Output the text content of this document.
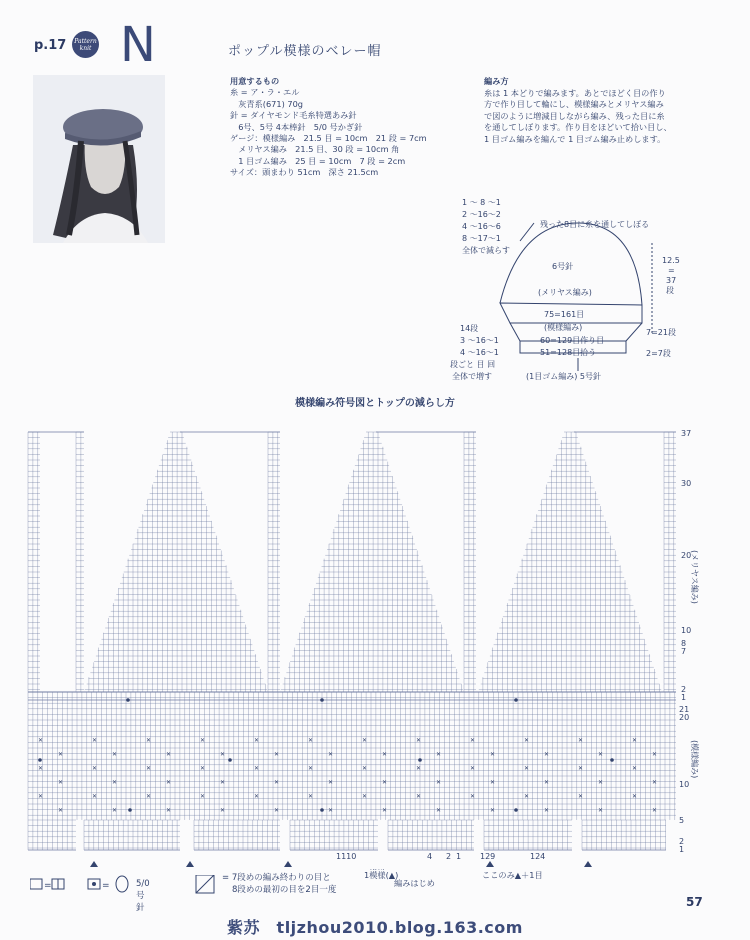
p.17	Pattern knit N	ポップル模様のベレー帽
用意するもの
糸 = ア・ラ・エル
　灰青系(671) 70g
針 = ダイヤモンド毛糸特選あみ針
　6号、5号 4本棒針　5/0 号かぎ針
ゲージ：模様編み　21.5 目 = 10cm　21 段 = 7cm
　メリヤス編み　21.5 目、30 段 = 10cm 角
　1 目ゴム編み　25 目 = 10cm　7 段 = 2cm
サイズ：頭まわり 51cm　深さ 21.5cm
編み方
糸は 1 本どりで編みます。あとでほどく目の作り
方で作り目して輪にし、模様編みとメリヤス編み
で図のように増減目しながら編み、残った目に糸
を通してしぼります。作り目をほどいて拾い目し、
1 目ゴム編みを編んで 1 目ゴム編み止めします。
1 ～ 8 ～1
2 ～16～2
4 ～16～6
8 ～17～1
全体で減らす
残った8目に糸を通してしぼる
6号針
(メリヤス編み)
12.5
=
37
段
7=21段
2=7段
75=161目
(模様編み)
60=129目作り目
51=128目拾う
14段
3 ～16～1
4 ～16～1
段ごと 目 回
全体で増す	(1目ゴム編み) 5号針
模様編み符号図とトップの減らし方
✕	✕	✕	✕	✕	✕	✕	✕	✕	✕	✕	✕
✕	✕	✕	✕	✕	✕	✕	✕	✕	✕	✕	✕
✕	✕	✕	✕	✕	✕	✕	✕	✕	✕	✕	✕
✕	✕	✕	✕	✕	✕	✕	✕	✕	✕	✕	✕
✕	✕	✕	✕	✕	✕	✕	✕	✕	✕	✕	✕
✕	✕	✕	✕	✕	✕	✕	✕	✕	✕	✕	✕
37
30
20
10
8
7
2
1
21
20
10
5
2
1
(メリヤス編み)
(模様編み)
1110	4 2 1 129	124
編みはじめ
ここのみ▲＋1目
1模様(▲)
=	=	5/0号針
= 7段めの編み終わりの目と
8段めの最初の目を2目一度
57
紫苏　tljzhou2010.blog.163.com
